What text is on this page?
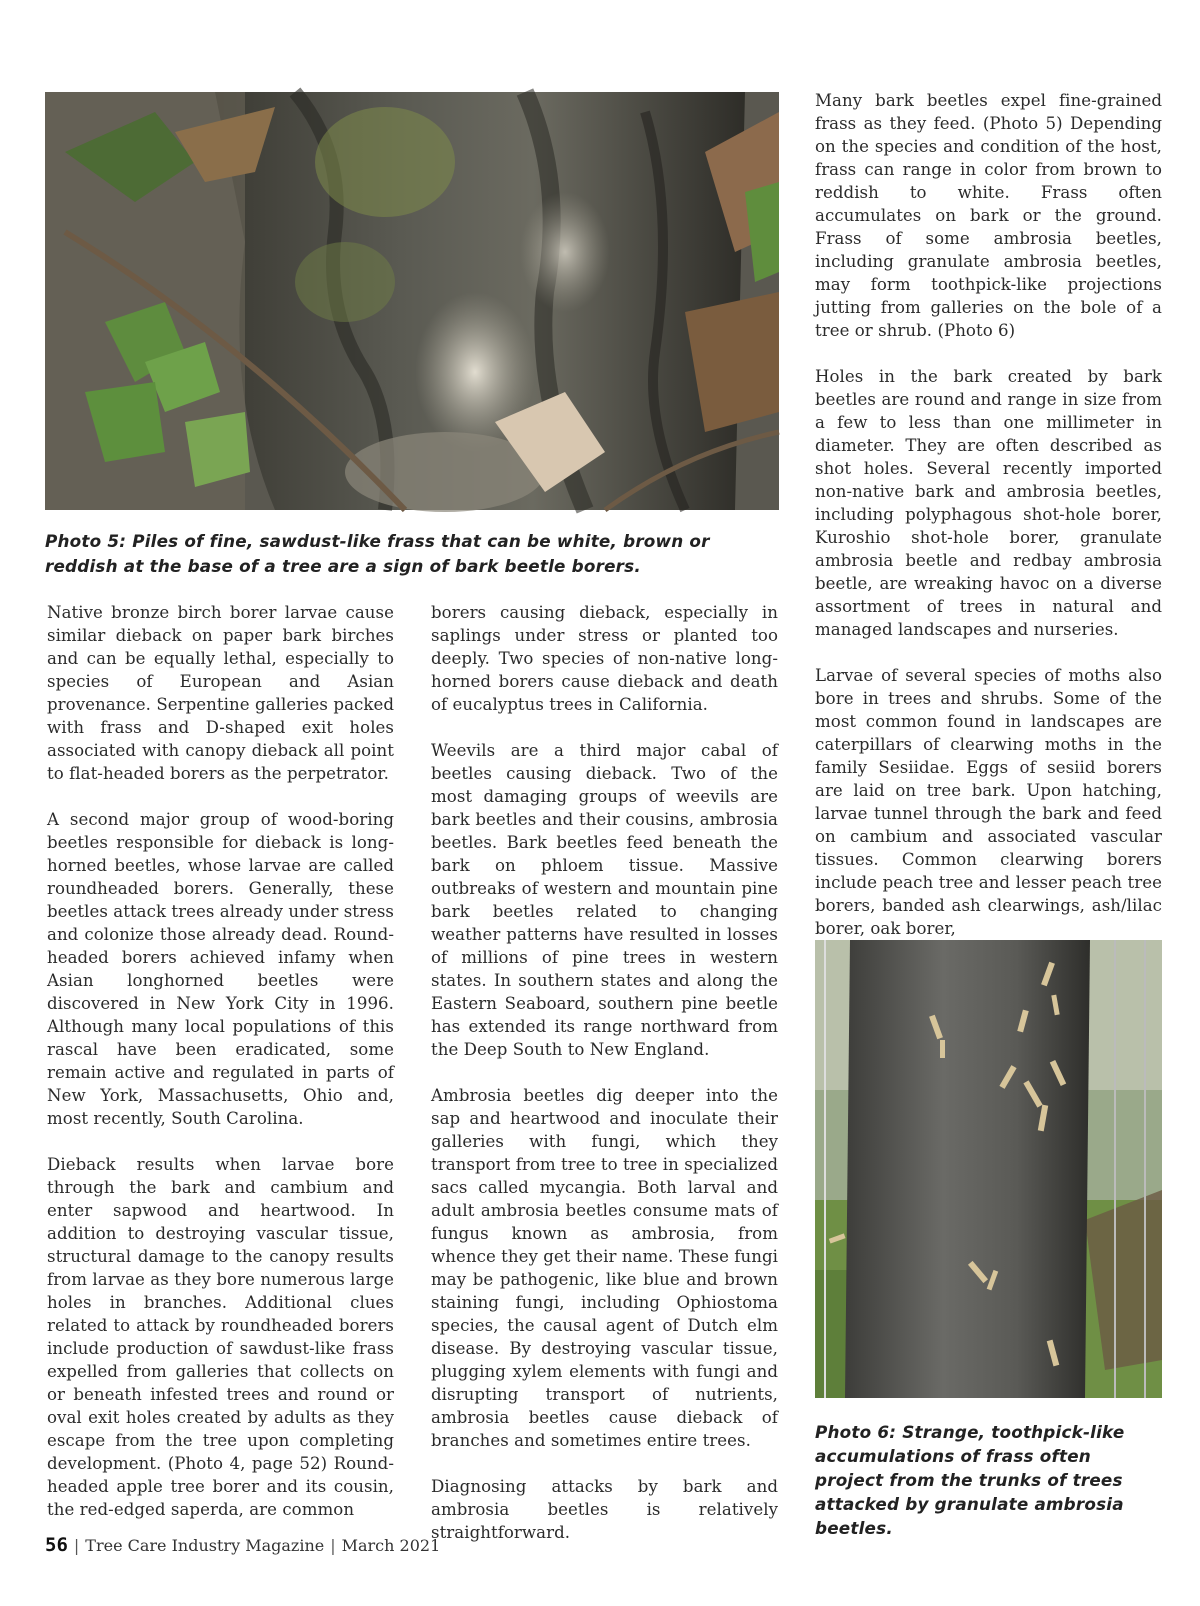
Photo 5: Piles of fine, sawdust-like frass that can be white, brown or reddish at the base of a tree are a sign of bark beetle borers.

Native bronze birch borer larvae cause similar dieback on paper bark birches and can be equally lethal, especially to species of European and Asian provenance. Serpentine galleries packed with frass and D-shaped exit holes associated with canopy dieback all point to flat-headed borers as the perpetrator.

A second major group of wood-boring beetles responsible for dieback is long-horned beetles, whose larvae are called roundheaded borers. Generally, these beetles attack trees already under stress and colonize those already dead. Round-headed borers achieved infamy when Asian longhorned beetles were discovered in New York City in 1996. Although many local populations of this rascal have been eradicated, some remain active and regulated in parts of New York, Massachusetts, Ohio and, most recently, South Carolina.

Dieback results when larvae bore through the bark and cambium and enter sapwood and heartwood. In addition to destroying vascular tissue, structural damage to the canopy results from larvae as they bore numerous large holes in branches. Additional clues related to attack by roundheaded borers include production of sawdust-like frass expelled from galleries that collects on or beneath infested trees and round or oval exit holes created by adults as they escape from the tree upon completing development. (Photo 4, page 52) Round-headed apple tree borer and its cousin, the red-edged saperda, are common

borers causing dieback, especially in saplings under stress or planted too deeply. Two species of non-native long-horned borers cause dieback and death of eucalyptus trees in California.

Weevils are a third major cabal of beetles causing dieback. Two of the most damaging groups of weevils are bark beetles and their cousins, ambrosia beetles. Bark beetles feed beneath the bark on phloem tissue. Massive outbreaks of western and mountain pine bark beetles related to changing weather patterns have resulted in losses of millions of pine trees in western states. In southern states and along the Eastern Seaboard, southern pine beetle has extended its range northward from the Deep South to New England.

Ambrosia beetles dig deeper into the sap and heartwood and inoculate their galleries with fungi, which they transport from tree to tree in specialized sacs called mycangia. Both larval and adult ambrosia beetles consume mats of fungus known as ambrosia, from whence they get their name. These fungi may be pathogenic, like blue and brown staining fungi, including Ophiostoma species, the causal agent of Dutch elm disease. By destroying vascular tissue, plugging xylem elements with fungi and disrupting transport of nutrients, ambrosia beetles cause dieback of branches and sometimes entire trees.

Diagnosing attacks by bark and ambrosia beetles is relatively straightforward.

Many bark beetles expel fine-grained frass as they feed. (Photo 5) Depending on the species and condition of the host, frass can range in color from brown to reddish to white. Frass often accumulates on bark or the ground. Frass of some ambrosia beetles, including granulate ambrosia beetles, may form toothpick-like projections jutting from galleries on the bole of a tree or shrub. (Photo 6)

Holes in the bark created by bark beetles are round and range in size from a few to less than one millimeter in diameter. They are often described as shot holes. Several recently imported non-native bark and ambrosia beetles, including polyphagous shot-hole borer, Kuroshio shot-hole borer, granulate ambrosia beetle and redbay ambrosia beetle, are wreaking havoc on a diverse assortment of trees in natural and managed landscapes and nurseries.

Larvae of several species of moths also bore in trees and shrubs. Some of the most common found in landscapes are caterpillars of clearwing moths in the family Sesiidae. Eggs of sesiid borers are laid on tree bark. Upon hatching, larvae tunnel through the bark and feed on cambium and associated vascular tissues. Common clearwing borers include peach tree and lesser peach tree borers, banded ash clearwings, ash/lilac borer, oak borer,

Photo 6: Strange, toothpick-like accumulations of frass often project from the trunks of trees attacked by granulate ambrosia beetles.
56 | Tree Care Industry Magazine | March 2021
